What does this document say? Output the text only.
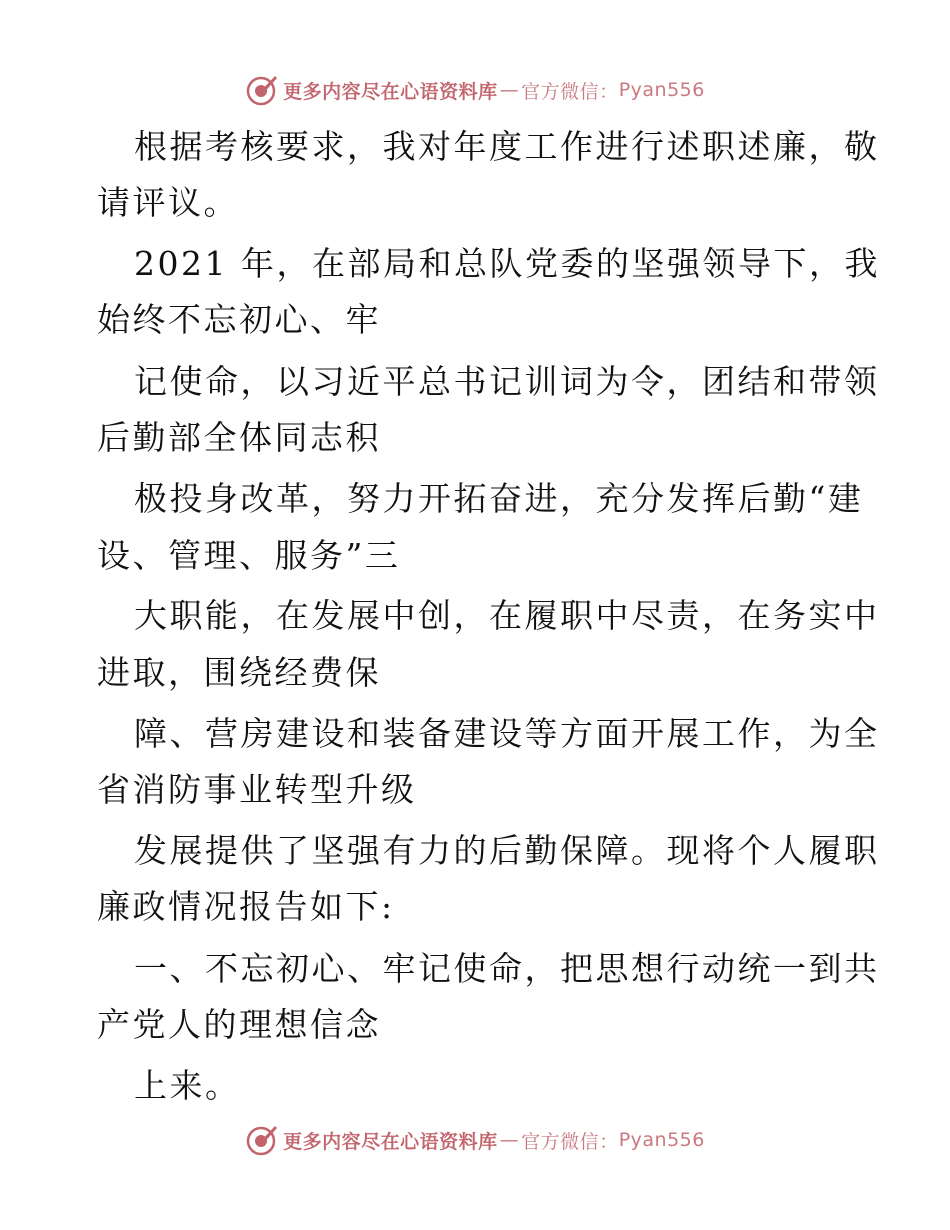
更多内容尽在心语资料库 — 官方微信： Pyan556
根据考核要求，我对年度工作进行述职述廉，敬
请评议。
2021 年，在部局和总队党委的坚强领导下，我
始终不忘初心、牢
记使命，以习近平总书记训词为令，团结和带领
后勤部全体同志积
极投身改革，努力开拓奋进，充分发挥后勤“建
设、管理、服务”三
大职能，在发展中创，在履职中尽责，在务实中
进取，围绕经费保
障、营房建设和装备建设等方面开展工作，为全
省消防事业转型升级
发展提供了坚强有力的后勤保障。现将个人履职
廉政情况报告如下:
一、不忘初心、牢记使命，把思想行动统一到共
产党人的理想信念
上来。
更多内容尽在心语资料库 — 官方微信： Pyan556
